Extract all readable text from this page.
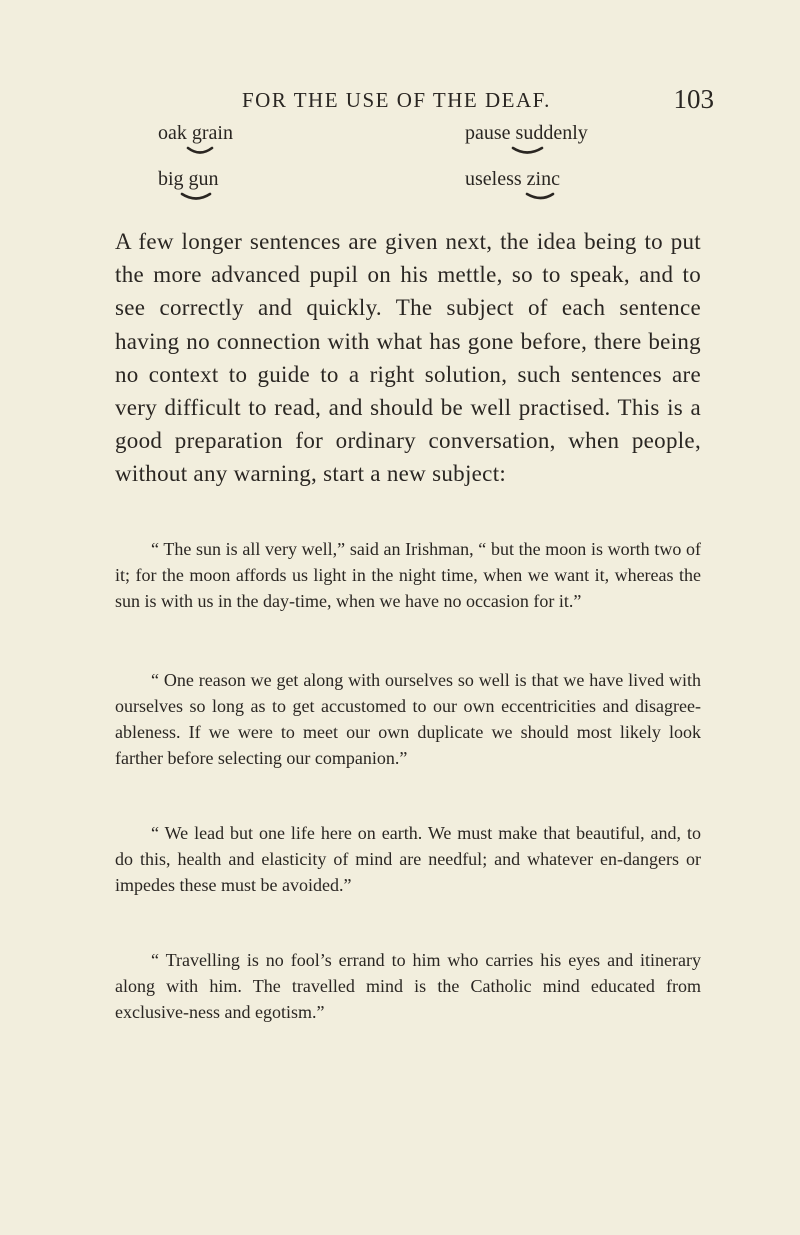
FOR THE USE OF THE DEAF.	103
oak grain	pause suddenly
big gun	useless zinc

A few longer sentences are given next, the idea being to put the more advanced pupil on his mettle, so to speak, and to see correctly and quickly. The subject of each sentence having no connection with what has gone before, there being no context to guide to a right solution, such sentences are very difficult to read, and should be well practised. This is a good preparation for ordinary conversation, when people, without any warning, start a new subject:

“ The sun is all very well,” said an Irishman, “ but the moon is worth two of it; for the moon affords us light in the night time, when we want it, whereas the sun is with us in the day-time, when we have no occasion for it.”

“ One reason we get along with ourselves so well is that we have lived with ourselves so long as to get accustomed to our own eccentricities and disagree-ableness. If we were to meet our own duplicate we should most likely look farther before selecting our companion.”

“ We lead but one life here on earth. We must make that beautiful, and, to do this, health and elasticity of mind are needful; and whatever en-dangers or impedes these must be avoided.”

“ Travelling is no fool’s errand to him who carries his eyes and itinerary along with him. The travelled mind is the Catholic mind educated from exclusive-ness and egotism.”
